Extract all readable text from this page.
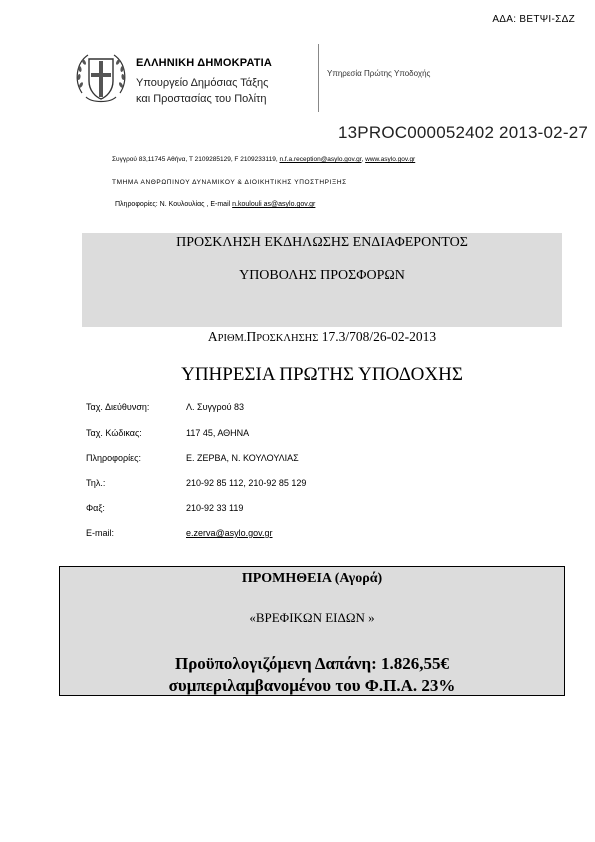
ΑΔΑ: ΒΕΤΨΙ-ΣΔΖ
ΕΛΛΗΝΙΚΗ ΔΗΜΟΚΡΑΤΙΑ
Υπουργείο Δημόσιας Τάξης
και Προστασίας του Πολίτη
Υπηρεσία Πρώτης Υποδοχής
13PROC000052402 2013-02-27
Συγγρού 83,11745 Αθήνα, T 2109285129, F 2109233119, n.f.a.reception@asylo.gov.gr, www.asylo.gov.gr
ΤΜΗΜΑ ΑΝΘΡΩΠΙΝΟΥ ΔΥΝΑΜΙΚΟΥ & ΔΙΟΙΚΗΤΙΚΗΣ ΥΠΟΣΤΗΡΙΞΗΣ
Πληροφορίες: Ν. Κουλουλίας , E-mail n.koulouli as@asylo.gov.gr
ΠΡΟΣΚΛΗΣΗ ΕΚΔΗΛΩΣΗΣ ΕΝΔΙΑΦΕΡΟΝΤΟΣ
ΥΠΟΒΟΛΗΣ ΠΡΟΣΦΟΡΩΝ
ΑΡΙΘΜ.ΠΡΟΣΚΛΗΣΗΣ 17.3/708/26-02-2013
ΥΠΗΡΕΣΙΑ ΠΡΩΤΗΣ ΥΠΟΔΟΧΗΣ
Ταχ. Διεύθυνση:	Λ. Συγγρού 83
Ταχ. Κώδικας:	117 45, ΑΘΗΝΑ
Πληροφορίες:	Ε. ΖΕΡΒΑ, Ν. ΚΟΥΛΟΥΛΙΑΣ
Τηλ.:	210-92 85 112, 210-92 85 129
Φαξ:	210-92 33 119
E-mail:	e.zerva@asylo.gov.gr
ΠΡΟΜΗΘΕΙΑ (Αγορά)
«ΒΡΕΦΙΚΩΝ ΕΙΔΩΝ »
Προϋπολογιζόμενη Δαπάνη: 1.826,55€
συμπεριλαμβανομένου του Φ.Π.Α. 23%
